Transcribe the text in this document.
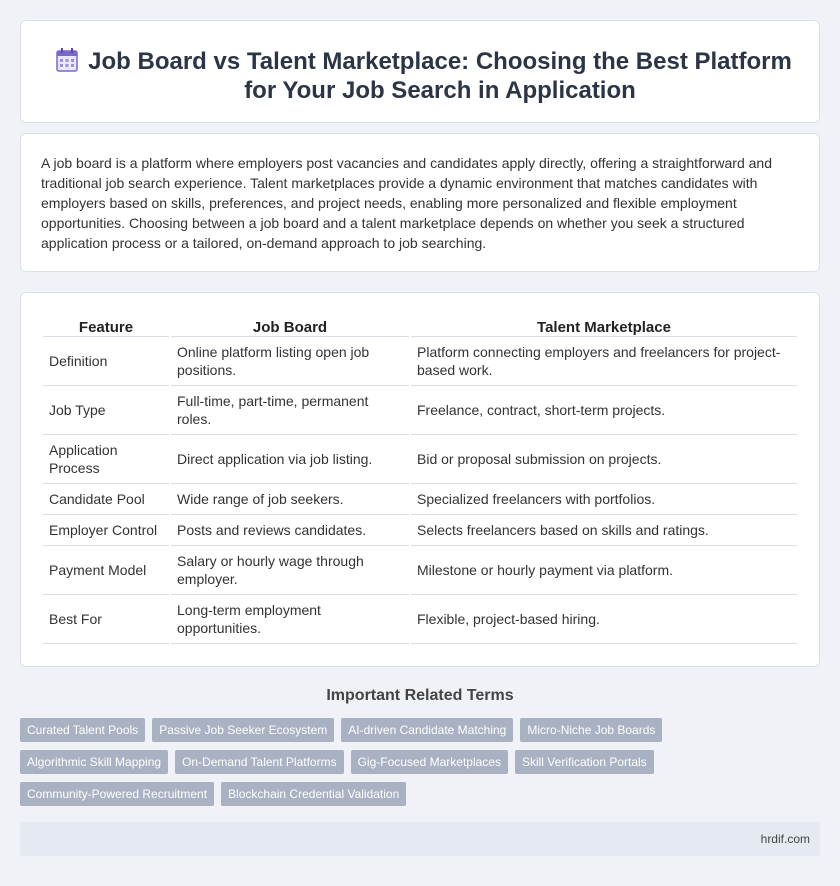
Job Board vs Talent Marketplace: Choosing the Best Platform for Your Job Search in Application

A job board is a platform where employers post vacancies and candidates apply directly, offering a straightforward and traditional job search experience. Talent marketplaces provide a dynamic environment that matches candidates with employers based on skills, preferences, and project needs, enabling more personalized and flexible employment opportunities. Choosing between a job board and a talent marketplace depends on whether you seek a structured application process or a tailored, on-demand approach to job searching.

Feature	Job Board	Talent Marketplace
Definition	Online platform listing open job positions.	Platform connecting employers and freelancers for project-based work.
Job Type	Full-time, part-time, permanent roles.	Freelance, contract, short-term projects.
Application Process	Direct application via job listing.	Bid or proposal submission on projects.
Candidate Pool	Wide range of job seekers.	Specialized freelancers with portfolios.
Employer Control	Posts and reviews candidates.	Selects freelancers based on skills and ratings.
Payment Model	Salary or hourly wage through employer.	Milestone or hourly payment via platform.
Best For	Long-term employment opportunities.	Flexible, project-based hiring.
Important Related Terms
Curated Talent Pools	Passive Job Seeker Ecosystem	AI-driven Candidate Matching	Micro-Niche Job Boards
Algorithmic Skill Mapping	On-Demand Talent Platforms	Gig-Focused Marketplaces	Skill Verification Portals
Community-Powered Recruitment	Blockchain Credential Validation
hrdif.com
